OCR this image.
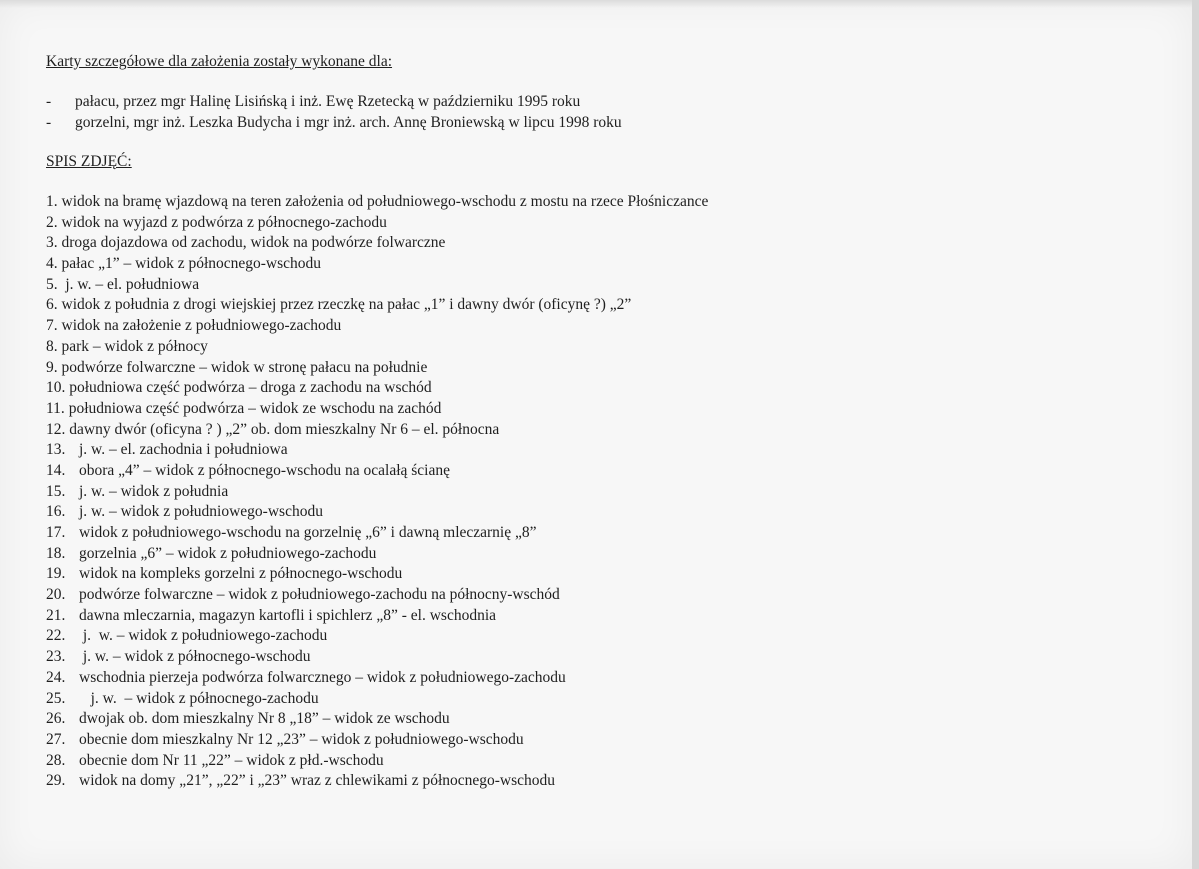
Karty szczegółowe dla założenia zostały wykonane dla:
- pałacu, przez mgr Halinę Lisińską i inż. Ewę Rzetecką w październiku 1995 roku
- gorzelni, mgr inż. Leszka Budycha i mgr inż. arch. Annę Broniewską w lipcu 1998 roku
SPIS ZDJĘĆ:
1. widok na bramę wjazdową na teren założenia od południowego-wschodu z mostu na rzece Płośniczance
2. widok na wyjazd z podwórza z północnego-zachodu
3. droga dojazdowa od zachodu, widok na podwórze folwarczne
4. pałac „1” – widok z północnego-wschodu
5. j. w. – el. południowa
6. widok z południa z drogi wiejskiej przez rzeczkę na pałac „1” i dawny dwór (oficynę ?) „2”
7. widok na założenie z południowego-zachodu
8. park – widok z północy
9. podwórze folwarczne – widok w stronę pałacu na południe
10. południowa część podwórza – droga z zachodu na wschód
11. południowa część podwórza – widok ze wschodu na zachód
12. dawny dwór (oficyna ? ) „2” ob. dom mieszkalny Nr 6 – el. północna
13. j. w. – el. zachodnia i południowa
14. obora „4” – widok z północnego-wschodu na ocalałą ścianę
15. j. w. – widok z południa
16. j. w. – widok z południowego-wschodu
17. widok z południowego-wschodu na gorzelnię „6” i dawną mleczarnię „8”
18. gorzelnia „6” – widok z południowego-zachodu
19. widok na kompleks gorzelni z północnego-wschodu
20. podwórze folwarczne – widok z południowego-zachodu na północny-wschód
21. dawna mleczarnia, magazyn kartofli i spichlerz „8” - el. wschodnia
22. j.  w. – widok z południowego-zachodu
23. j. w. – widok z północnego-wschodu
24. wschodnia pierzeja podwórza folwarcznego – widok z południowego-zachodu
25.   j. w.  – widok z północnego-zachodu
26. dwojak ob. dom mieszkalny Nr 8 „18” – widok ze wschodu
27. obecnie dom mieszkalny Nr 12 „23” – widok z południowego-wschodu
28. obecnie dom Nr 11 „22” – widok z płd.-wschodu
29. widok na domy „21”, „22” i „23” wraz z chlewikami z północnego-wschodu
